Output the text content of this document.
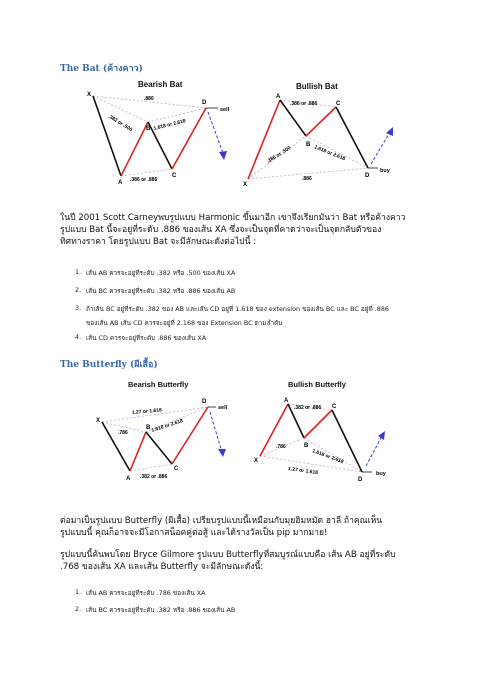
The Bat (ค้างคาว)
Bearish Bat
X
A
B
C
D
.886
.382 or .500	1.618 or 2.618
.386 or .886
sell
Bullish Bat
X
A
B
C
D
.386 or .886
.386 or .500	1.618 or 2.618
.886
buy
ในปี 2001 Scott Carneyพบรูปแบบ Harmonic ขึ้นมาอีก เขาจึงเรียกมันว่า Bat หรือค้างคาว
รูปแบบ Bat นี้จะอยู่ที่ระดับ .886 ของเส้น XA ซึ่งจะเป็นจุดที่คาดว่าจะเป็นจุดกลับตัวของ
ทิศทางราคา โดยรูปแบบ Bat จะมีลักษณะดังต่อไปนี้ :
1. เส้น AB ควรจะอยู่ที่ระดับ .382 หรือ .500 ของเส้น XA
2. เส้น BC ควรจะอยู่ที่ระดับ .382 หรือ .886 ของเส้น AB
3. ถ้าเส้น BC อยู่ที่ระดับ .382 ของ AB และเส้น CD อยู่ที่ 1.618 ของ extension ของเส้น BC และ BC อยู่ที่ .886
ของเส้น AB เส้น CD ควรจะอยู่ที่ 2.168 ของ Extension BC ตามลำดับ
4. เส้น CD ควรจะอยู่ที่ระดับ .886 ของเส้น XA
The Butterfly (ผีเสื้อ)
Bearish Butterfly
X
A
B
C
D
1.27 or 1.618
.786	1.618 or 2.618
.382 or .886
sell
Bullish Butterfly
X
A
B
C
D
.382 or .886
.786
1.618 or 2.618
1.27 or 1.618	buy
ต่อมาเป็นรูปแบบ Butterfly (ผีเสื้อ) เปรียบรูปแบบนี้เหมือนกับมุยฮิมหมัด ฮาลี ถ้าคุณเห็น
รูปแบบนี้ คุณก็อาจจะมีโอกาสน็อคคู่ต่อสู้ และได้รางวัลเป็น pip มากมาย!
รูปแบบนี้ค้นพบโดย Bryce Gilmore รูปแบบ Butterflyที่สมบูรณ์แบบคือ เส้น AB อยู่ที่ระดับ
.768 ของเส้น XA และเส้น Butterfly จะมีลักษณะดังนี้:
1. เส้น AB ควรจะอยู่ที่ระดับ .786 ของเส้น XA
2. เส้น BC ควรจะอยู่ที่ระดับ .382 หรือ .886 ของเส้น AB
